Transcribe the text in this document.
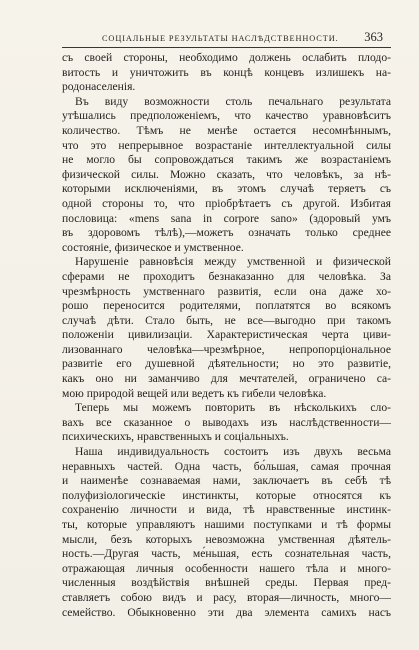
СОЦІАЛЬНЫЕ РЕЗУЛЬТАТЫ НАСЛѢДСТВЕННОСТИ. 363
съ своей стороны, необходимо должень ослабить плодо-
витость и уничтожить въ концѣ концевъ излишекъ на-
родонаселенія.
Въ виду возможности столь печальнаго результата
утѣшались предположеніемъ, что качество уравновѣситъ
количество. Тѣмъ не менѣе остается несомнѣннымъ,
что это непрерывное возрастаніе интеллектуальной силы
не могло бы сопровождаться такимъ же возрастаніемъ
физической силы. Можно сказать, что человѣкъ, за нѣ-
которыми исключеніями, въ этомъ случаѣ теряетъ съ
одной стороны то, что пріобрѣтаетъ съ другой. Избитая
пословица: «mens sana in corpore sano» (здоровый умъ
въ здоровомъ тѣлѣ),—можетъ означать только среднее
состояніе, физическое и умственное.
Нарушеніе равновѣсія между умственной и физической
сферами не проходитъ безнаказанно для человѣка. За
чрезмѣрность умственнаго развитія, если она даже хо-
рошо переносится родителями, поплатятся во всякомъ
случаѣ дѣти. Стало быть, не все—выгодно при такомъ
положеніи цивилизаціи. Характеристическая черта циви-
лизованнаго человѣка—чрезмѣрное, непропорціональное
развитіе его душевной дѣятельности; но это развитіе,
какъ оно ни заманчиво для мечтателей, ограничено са-
мою природой вещей или ведетъ къ гибели человѣка.
Теперь мы можемъ повторить въ нѣсколькихъ сло-
вахъ все сказанное о выводахъ изъ наслѣдственности—
психическихъ, нравственныхъ и соціальныхъ.
Наша индивидуальность состоитъ изъ двухъ весьма
неравныхъ частей. Одна часть, бо́льшая, самая прочная
и наименѣе сознаваемая нами, заключаетъ въ себѣ тѣ
полуфизіологическіе инстинкты, которые относятся къ
сохраненію личности и вида, тѣ нравственные инстинк-
ты, которые управляютъ нашими поступками и тѣ формы
мысли, безъ которыхъ невозможна умственная дѣятель-
ность.—Другая часть, ме́ньшая, есть сознательная часть,
отражающая личныя особенности нашего тѣла и много-
численныя воздѣйствія внѣшней среды. Первая пред-
ставляетъ собою видъ и расу, вторая—личность, много—
семейство. Обыкновенно эти два элемента самихъ насъ
